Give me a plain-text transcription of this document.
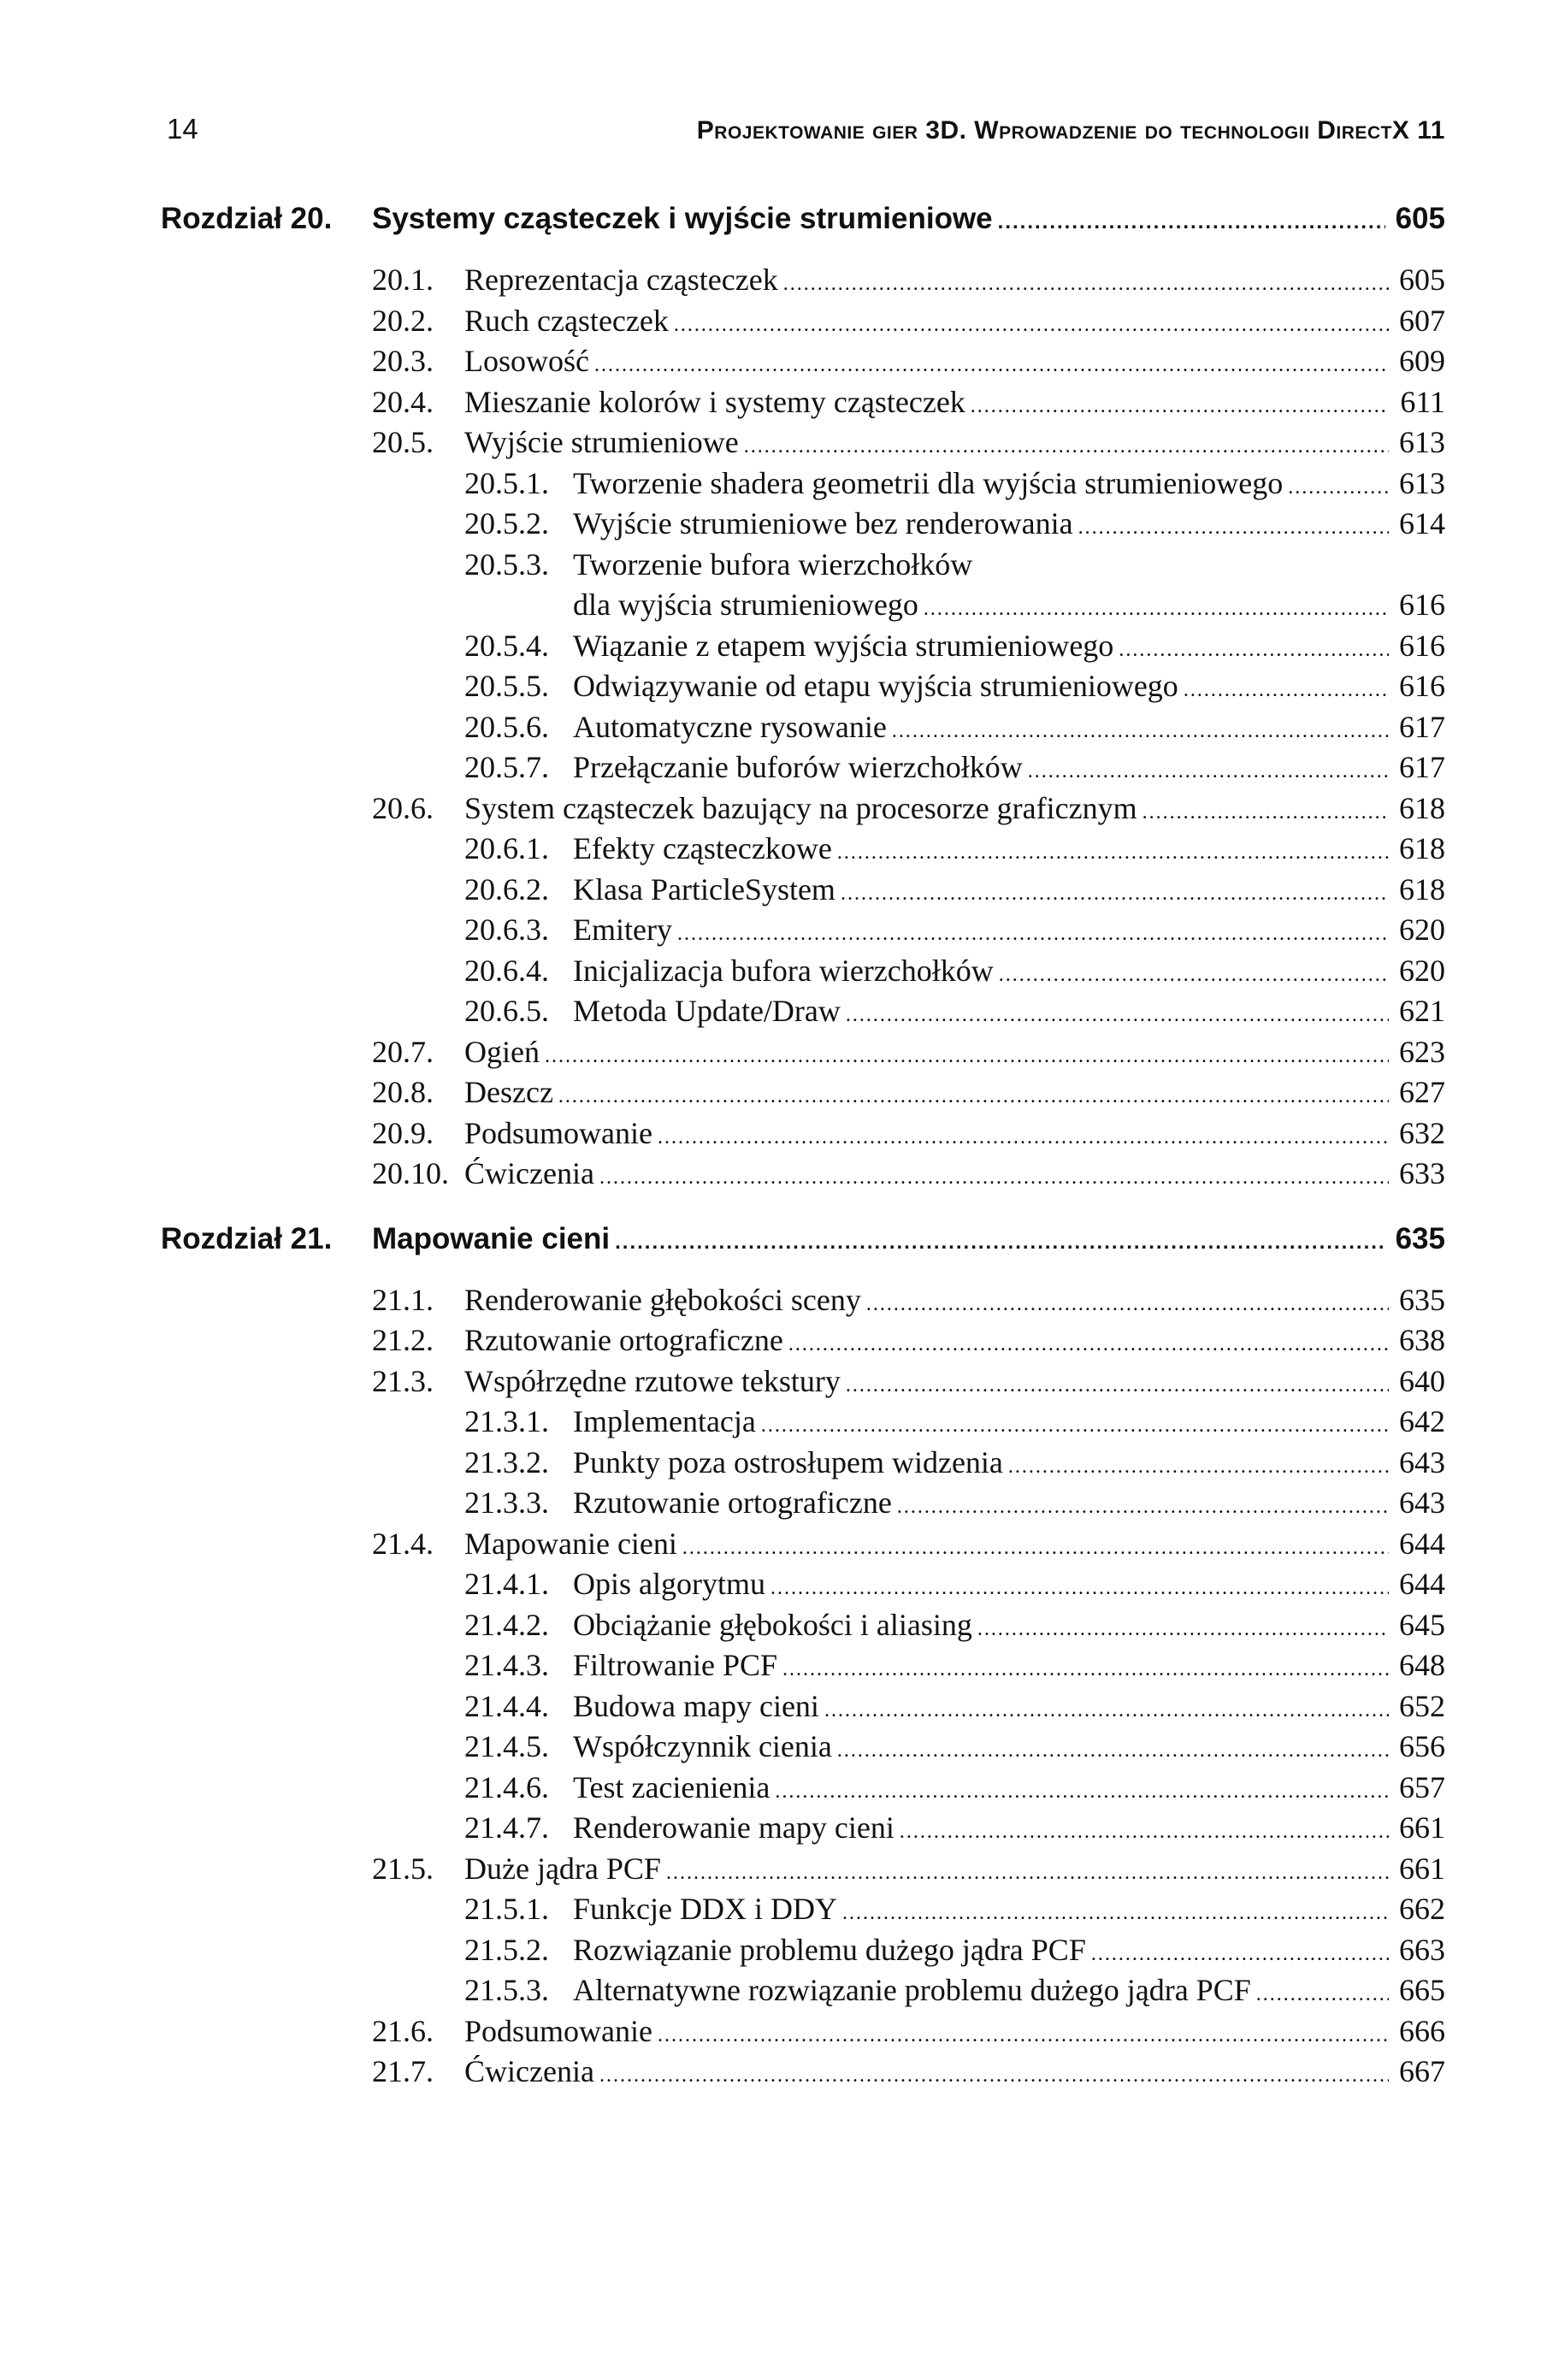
14	Projektowanie gier 3D. Wprowadzenie do technologii DirectX 11
Rozdział 20.	Systemy cząsteczek i wyjście strumieniowe .....	605
20.1.	Reprezentacja cząsteczek .....	605
20.2.	Ruch cząsteczek .....	607
20.3.	Losowość .....	609
20.4.	Mieszanie kolorów i systemy cząsteczek .....	611
20.5.	Wyjście strumieniowe .....	613
20.5.1. Tworzenie shadera geometrii dla wyjścia strumieniowego .....	613
20.5.2. Wyjście strumieniowe bez renderowania .....	614
20.5.3. Tworzenie bufora wierzchołków
dla wyjścia strumieniowego .....	616
20.5.4. Wiązanie z etapem wyjścia strumieniowego .....	616
20.5.5. Odwiązywanie od etapu wyjścia strumieniowego .....	616
20.5.6. Automatyczne rysowanie .....	617
20.5.7. Przełączanie buforów wierzchołków .....	617
20.6.	System cząsteczek bazujący na procesorze graficznym .....	618
20.6.1. Efekty cząsteczkowe .....	618
20.6.2. Klasa ParticleSystem .....	618
20.6.3. Emitery .....	620
20.6.4. Inicjalizacja bufora wierzchołków .....	620
20.6.5. Metoda Update/Draw .....	621
20.7.	Ogień .....	623
20.8.	Deszcz .....	627
20.9.	Podsumowanie .....	632
20.10. Ćwiczenia .....	633
Rozdział 21.	Mapowanie cieni .....	635
21.1.	Renderowanie głębokości sceny .....	635
21.2.	Rzutowanie ortograficzne .....	638
21.3.	Współrzędne rzutowe tekstury .....	640
21.3.1. Implementacja .....	642
21.3.2. Punkty poza ostrosłupem widzenia .....	643
21.3.3. Rzutowanie ortograficzne .....	643
21.4.	Mapowanie cieni .....	644
21.4.1. Opis algorytmu .....	644
21.4.2. Obciążanie głębokości i aliasing .....	645
21.4.3. Filtrowanie PCF .....	648
21.4.4. Budowa mapy cieni .....	652
21.4.5. Współczynnik cienia .....	656
21.4.6. Test zacienienia .....	657
21.4.7. Renderowanie mapy cieni .....	661
21.5.	Duże jądra PCF .....	661
21.5.1. Funkcje DDX i DDY .....	662
21.5.2. Rozwiązanie problemu dużego jądra PCF .....	663
21.5.3. Alternatywne rozwiązanie problemu dużego jądra PCF .....	665
21.6.	Podsumowanie .....	666
21.7.	Ćwiczenia .....	667
